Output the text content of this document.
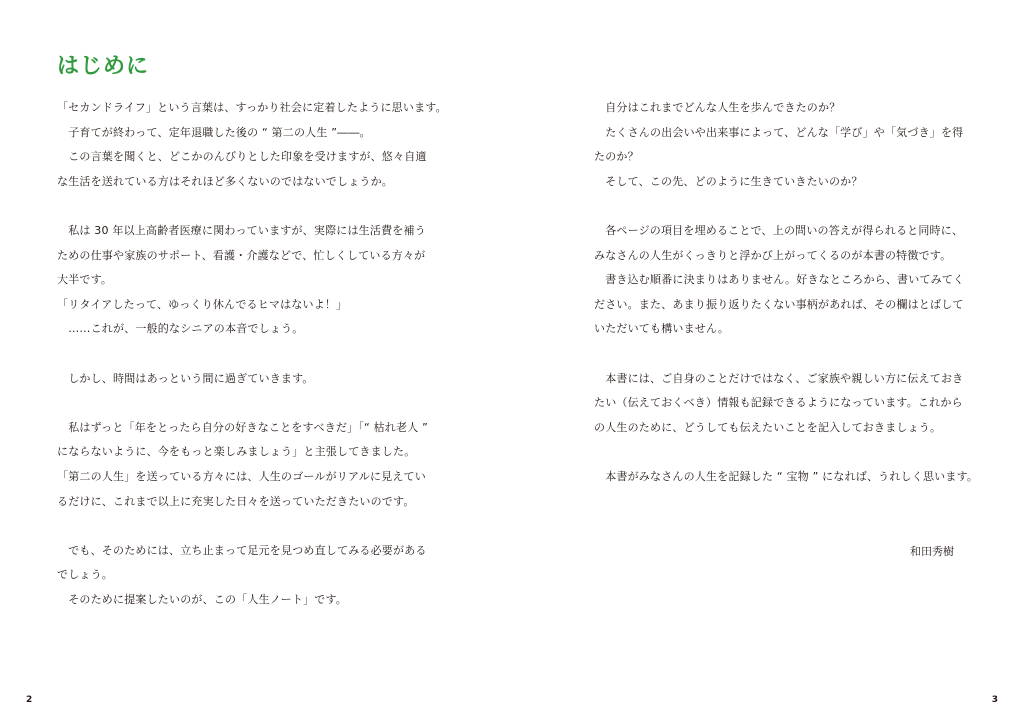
はじめに
「セカンドライフ」という言葉は、すっかり社会に定着したように思います。
　子育てが終わって、定年退職した後の “ 第二の人生 ”――。
　この言葉を聞くと、どこかのんびりとした印象を受けますが、悠々自適
な生活を送れている方はそれほど多くないのではないでしょうか。
　私は 30 年以上高齢者医療に関わっていますが、実際には生活費を補う
ための仕事や家族のサポート、看護・介護などで、忙しくしている方々が
大半です。
「リタイアしたって、ゆっくり休んでるヒマはないよ！」
　……これが、一般的なシニアの本音でしょう。
　しかし、時間はあっという間に過ぎていきます。
　私はずっと「年をとったら自分の好きなことをすべきだ」「“ 枯れ老人 ”
にならないように、今をもっと楽しみましょう」と主張してきました。
「第二の人生」を送っている方々には、人生のゴールがリアルに見えてい
るだけに、これまで以上に充実した日々を送っていただきたいのです。
　でも、そのためには、立ち止まって足元を見つめ直してみる必要がある
でしょう。
　そのために提案したいのが、この「人生ノート」です。
2
　自分はこれまでどんな人生を歩んできたのか？
　たくさんの出会いや出来事によって、どんな「学び」や「気づき」を得
たのか？
　そして、この先、どのように生きていきたいのか？
　各ページの項目を埋めることで、上の問いの答えが得られると同時に、
みなさんの人生がくっきりと浮かび上がってくるのが本書の特徴です。
　書き込む順番に決まりはありません。好きなところから、書いてみてく
ださい。また、あまり振り返りたくない事柄があれば、その欄はとばして
いただいても構いません。
　本書には、ご自身のことだけではなく、ご家族や親しい方に伝えておき
たい（伝えておくべき）情報も記録できるようになっています。これから
の人生のために、どうしても伝えたいことを記入しておきましょう。
　本書がみなさんの人生を記録した “ 宝物 ” になれば、うれしく思います。
和田秀樹
3
